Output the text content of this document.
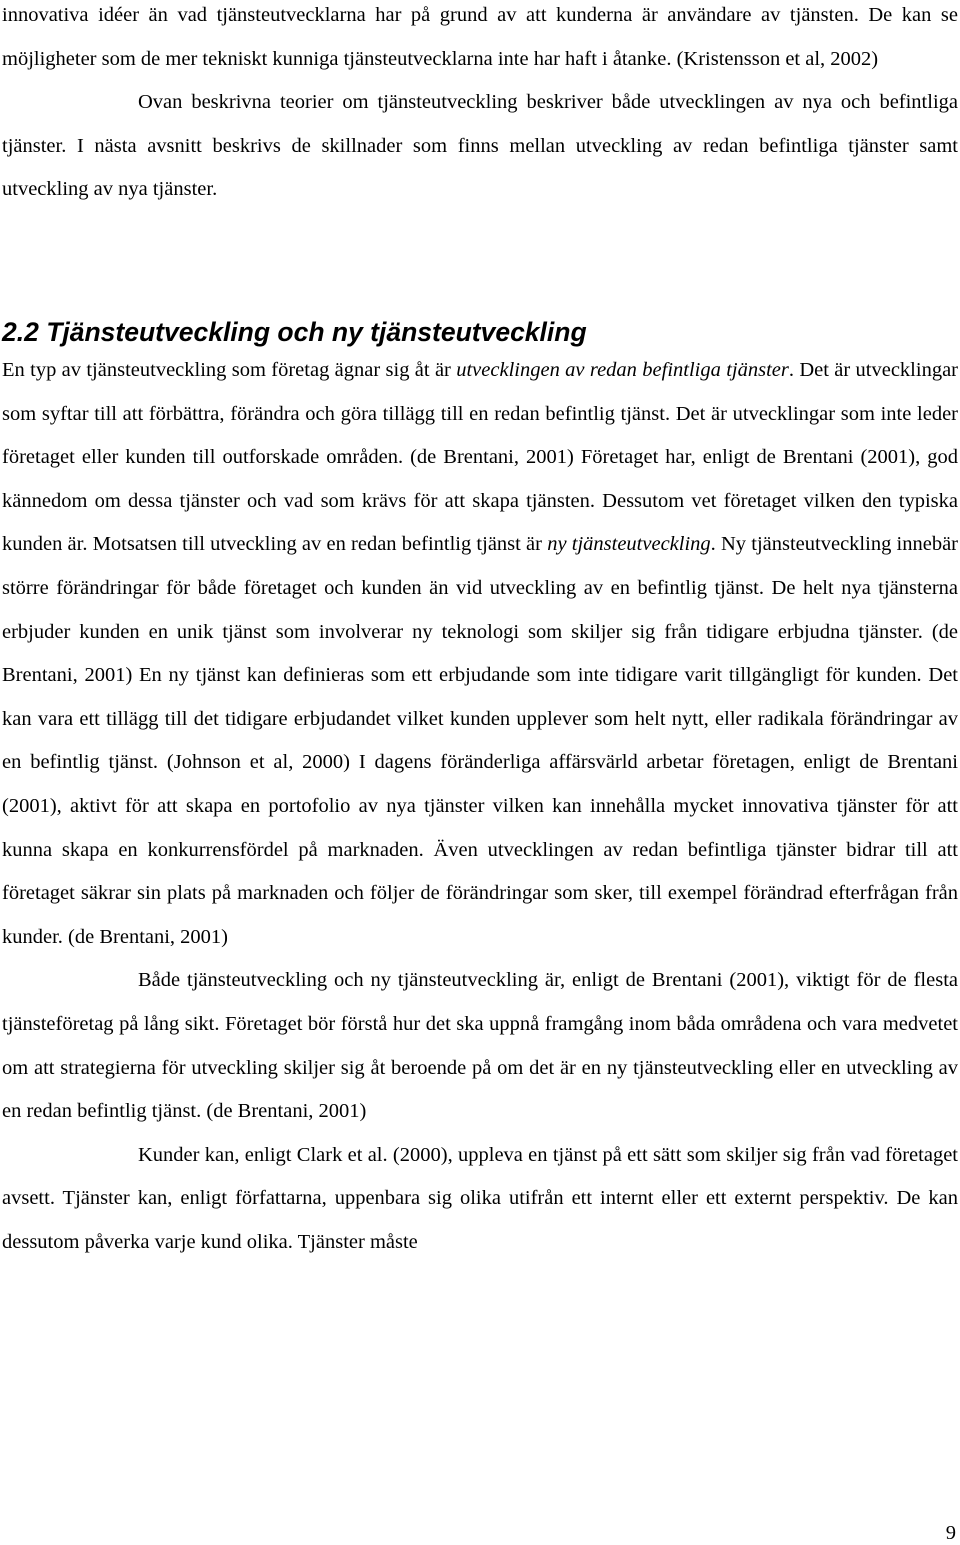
innovativa idéer än vad tjänsteutvecklarna har på grund av att kunderna är användare av tjänsten. De kan se möjligheter som de mer tekniskt kunniga tjänsteutvecklarna inte har haft i åtanke. (Kristensson et al, 2002)

Ovan beskrivna teorier om tjänsteutveckling beskriver både utvecklingen av nya och befintliga tjänster. I nästa avsnitt beskrivs de skillnader som finns mellan utveckling av redan befintliga tjänster samt utveckling av nya tjänster.

2.2 Tjänsteutveckling och ny tjänsteutveckling

En typ av tjänsteutveckling som företag ägnar sig åt är utvecklingen av redan befintliga tjänster. Det är utvecklingar som syftar till att förbättra, förändra och göra tillägg till en redan befintlig tjänst. Det är utvecklingar som inte leder företaget eller kunden till outforskade områden. (de Brentani, 2001) Företaget har, enligt de Brentani (2001), god kännedom om dessa tjänster och vad som krävs för att skapa tjänsten. Dessutom vet företaget vilken den typiska kunden är. Motsatsen till utveckling av en redan befintlig tjänst är ny tjänsteutveckling. Ny tjänsteutveckling innebär större förändringar för både företaget och kunden än vid utveckling av en befintlig tjänst. De helt nya tjänsterna erbjuder kunden en unik tjänst som involverar ny teknologi som skiljer sig från tidigare erbjudna tjänster. (de Brentani, 2001) En ny tjänst kan definieras som ett erbjudande som inte tidigare varit tillgängligt för kunden. Det kan vara ett tillägg till det tidigare erbjudandet vilket kunden upplever som helt nytt, eller radikala förändringar av en befintlig tjänst. (Johnson et al, 2000) I dagens föränderliga affärsvärld arbetar företagen, enligt de Brentani (2001), aktivt för att skapa en portofolio av nya tjänster vilken kan innehålla mycket innovativa tjänster för att kunna skapa en konkurrensfördel på marknaden. Även utvecklingen av redan befintliga tjänster bidrar till att företaget säkrar sin plats på marknaden och följer de förändringar som sker, till exempel förändrad efterfrågan från kunder. (de Brentani, 2001)

Både tjänsteutveckling och ny tjänsteutveckling är, enligt de Brentani (2001), viktigt för de flesta tjänsteföretag på lång sikt. Företaget bör förstå hur det ska uppnå framgång inom båda områdena och vara medvetet om att strategierna för utveckling skiljer sig åt beroende på om det är en ny tjänsteutveckling eller en utveckling av en redan befintlig tjänst. (de Brentani, 2001)

Kunder kan, enligt Clark et al. (2000), uppleva en tjänst på ett sätt som skiljer sig från vad företaget avsett. Tjänster kan, enligt författarna, uppenbara sig olika utifrån ett internt eller ett externt perspektiv. De kan dessutom påverka varje kund olika. Tjänster måste

9
